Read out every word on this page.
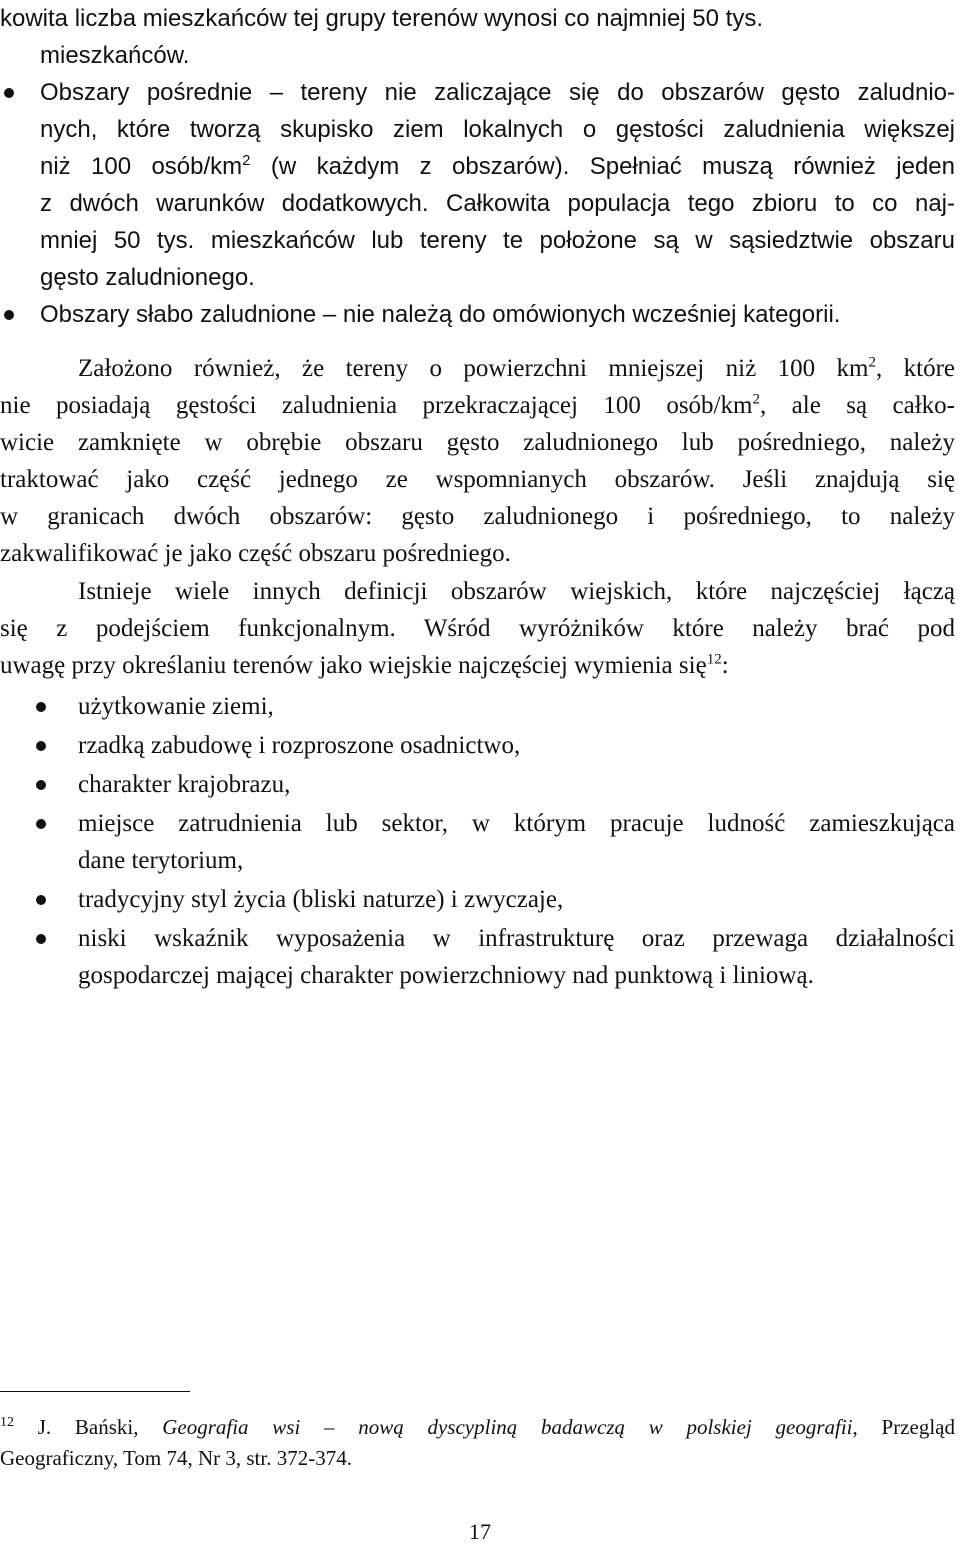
kowita liczba mieszkańców tej grupy terenów wynosi co najmniej 50 tys.
mieszkańców.
Obszary pośrednie – tereny nie zaliczające się do obszarów gęsto zaludnio-
nych, które tworzą skupisko ziem lokalnych o gęstości zaludnienia większej
niż 100 osób/$km^2$ (w każdym z obszarów). Spełniać muszą również jeden
z dwóch warunków dodatkowych. Całkowita populacja tego zbioru to co naj-
mniej 50 tys. mieszkańców lub tereny te położone są w sąsiedztwie obszaru
gęsto zaludnionego.
Obszary słabo zaludnione – nie należą do omówionych wcześniej kategorii.
Założono również, że tereny o powierzchni mniejszej niż 100 $km^2$, które
nie posiadają gęstości zaludnienia przekraczającej 100 osób/$km^2$, ale są całko-
wicie zamknięte w obrębie obszaru gęsto zaludnionego lub pośredniego, należy
traktować jako część jednego ze wspomnianych obszarów. Jeśli znajdują się
w granicach dwóch obszarów: gęsto zaludnionego i pośredniego, to należy
zakwalifikować je jako część obszaru pośredniego.
Istnieje wiele innych definicji obszarów wiejskich, które najczęściej łączą
się z podejściem funkcjonalnym. Wśród wyróżników które należy brać pod
uwagę przy określaniu terenów jako wiejskie najczęściej wymienia się$^{12}$:
użytkowanie ziemi,
rzadką zabudowę i rozproszone osadnictwo,
charakter krajobrazu,
miejsce zatrudnienia lub sektor, w którym pracuje ludność zamieszkująca
dane terytorium,
tradycyjny styl życia (bliski naturze) i zwyczaje,
niski wskaźnik wyposażenia w infrastrukturę oraz przewaga działalności
gospodarczej mającej charakter powierzchniowy nad punktową i liniową.
$^{12}$ J. Bański, Geografia wsi – nową dyscypliną badawczą w polskiej geografii, Przegląd
Geograficzny, Tom 74, Nr 3, str. 372-374.
17
